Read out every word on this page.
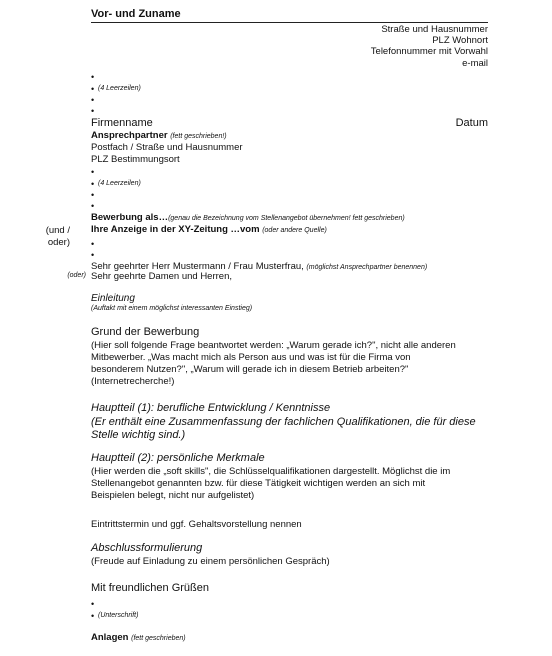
Vor- und Zuname
Straße und Hausnummer
PLZ Wohnort
Telefonnummer mit Vorwahl
e-mail
•
•
(4 Leerzeilen)
•
•
Firmenname	Datum
Ansprechpartner (fett geschrieben!)
Postfach / Straße und Hausnummer
PLZ Bestimmungsort
•
•
(4 Leerzeilen)
•
•
Bewerbung als…(genau die Bezeichnung vom Stellenangebot übernehmen! fett geschrieben)
(und /
oder)
Ihre Anzeige in der XY-Zeitung …vom (oder andere Quelle)
•
•
Sehr geehrter Herr Mustermann / Frau Musterfrau, (möglichst Ansprechpartner benennen)
(oder) Sehr geehrte Damen und Herren,
Einleitung
(Auftakt mit einem möglichst interessanten Einstieg)
Grund der Bewerbung
(Hier soll folgende Frage beantwortet werden: „Warum gerade ich?", nicht alle anderen
Mitbewerber. „Was macht mich als Person aus und was ist für die Firma von
besonderem Nutzen?", „Warum will gerade ich in diesem Betrieb arbeiten?"
(Internetrecherche!)
Hauptteil (1): berufliche Entwicklung / Kenntnisse
(Er enthält eine Zusammenfassung der fachlichen Qualifikationen, die für diese
Stelle wichtig sind.)
Hauptteil (2): persönliche Merkmale
(Hier werden die „soft skills", die Schlüsselqualifikationen dargestellt. Möglichst die im
Stellenangebot genannten bzw. für diese Tätigkeit wichtigen werden an sich mit
Beispielen belegt, nicht nur aufgelistet)
Eintrittstermin und ggf. Gehaltsvorstellung nennen
Abschlussformulierung
(Freude auf Einladung zu einem persönlichen Gespräch)
Mit freundlichen Grüßen
•
•
(Unterschrift)
Anlagen (fett geschrieben)
